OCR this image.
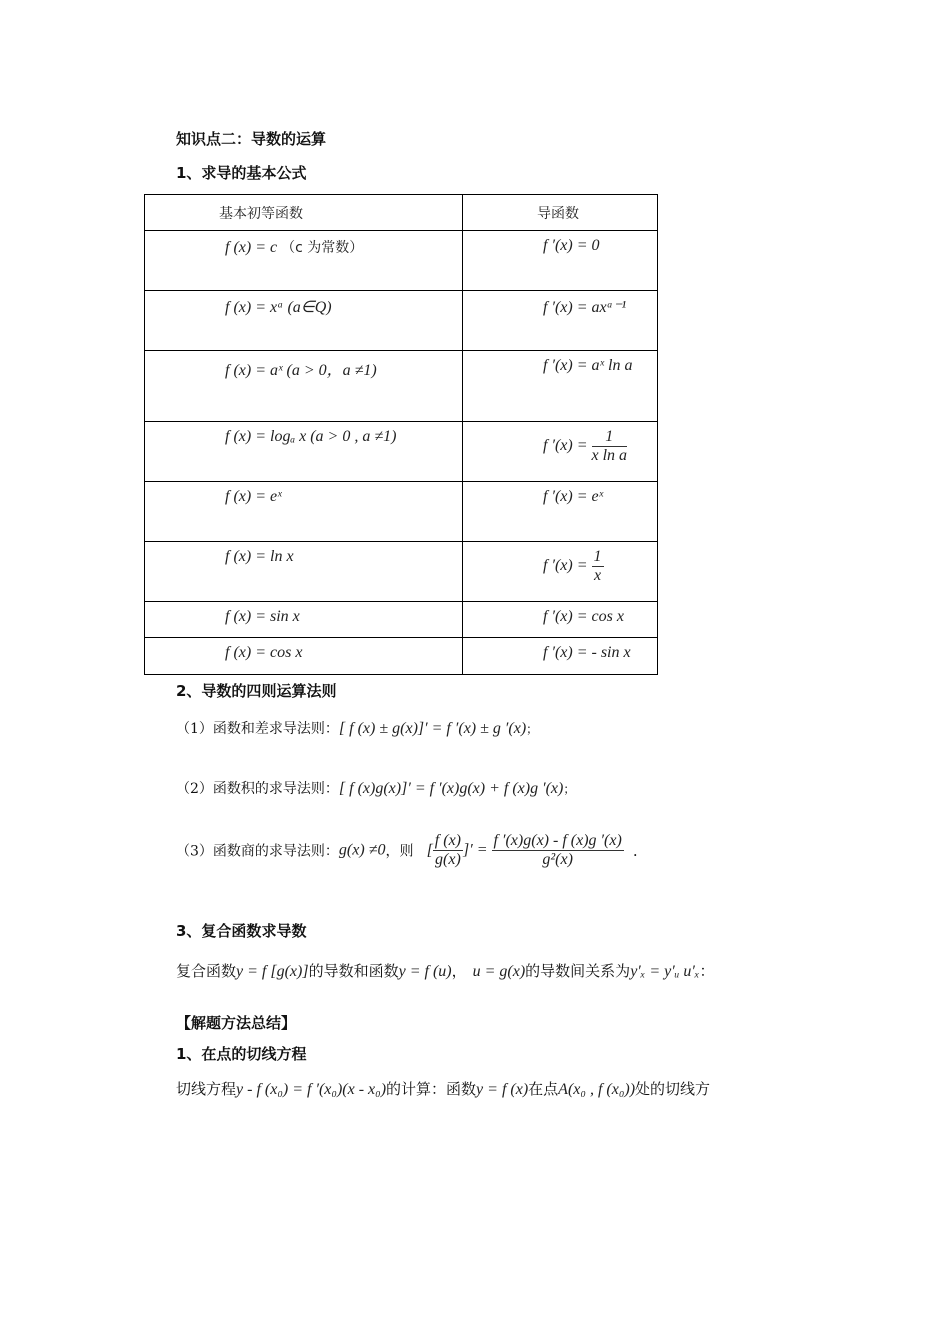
知识点二：导数的运算
1、求导的基本公式
基本初等函数	导函数

f (x) = c （c 为常数）	f ′(x) = 0

f (x) = xᵃ (a∈Q)	f ′(x) = axᵃ⁻¹

f (x) = aˣ (a > 0，a ≠1)	f ′(x) = aˣ ln a

f (x) = logₐ x (a > 0 , a ≠1)	f $'(x) = \frac{1}{\text{x ln a}}$

f (x) = eˣ	f ′(x) = eˣ

f (x) = ln x	f $'(x) = \frac{1}{x}$

f (x) = sin x	f ′(x) = cos x

f (x) = cos x	f ′(x) = - sin x
2、导数的四则运算法则
（1）函数和差求导法则：[ f (x) ± g(x)]′ = f ′(x) ± g ′(x)；
（2）函数积的求导法则：[ f (x)g(x)]′ = f ′(x)g(x) + f (x)g ′(x)；
（3）函数商的求导法则：g(x) ≠0，则 [ $\frac{f (x)}{g(x)}$ ]′ = $\frac{f '(x)g(x) - f (x)g '(x)}{\text{g²(x)}}$ .
3、复合函数求导数
复合函数y = f [g(x)]的导数和函数y = f (u)， u = g(x)的导数间关系为y′ₓ = y′ᵤ u′ₓ：
【解题方法总结】
1、在点的切线方程
切线方程y - f (x₀) = f ′(x₀)(x - x₀)的计算：函数y = f (x)在点A(x₀ , f (x₀))处的切线方
